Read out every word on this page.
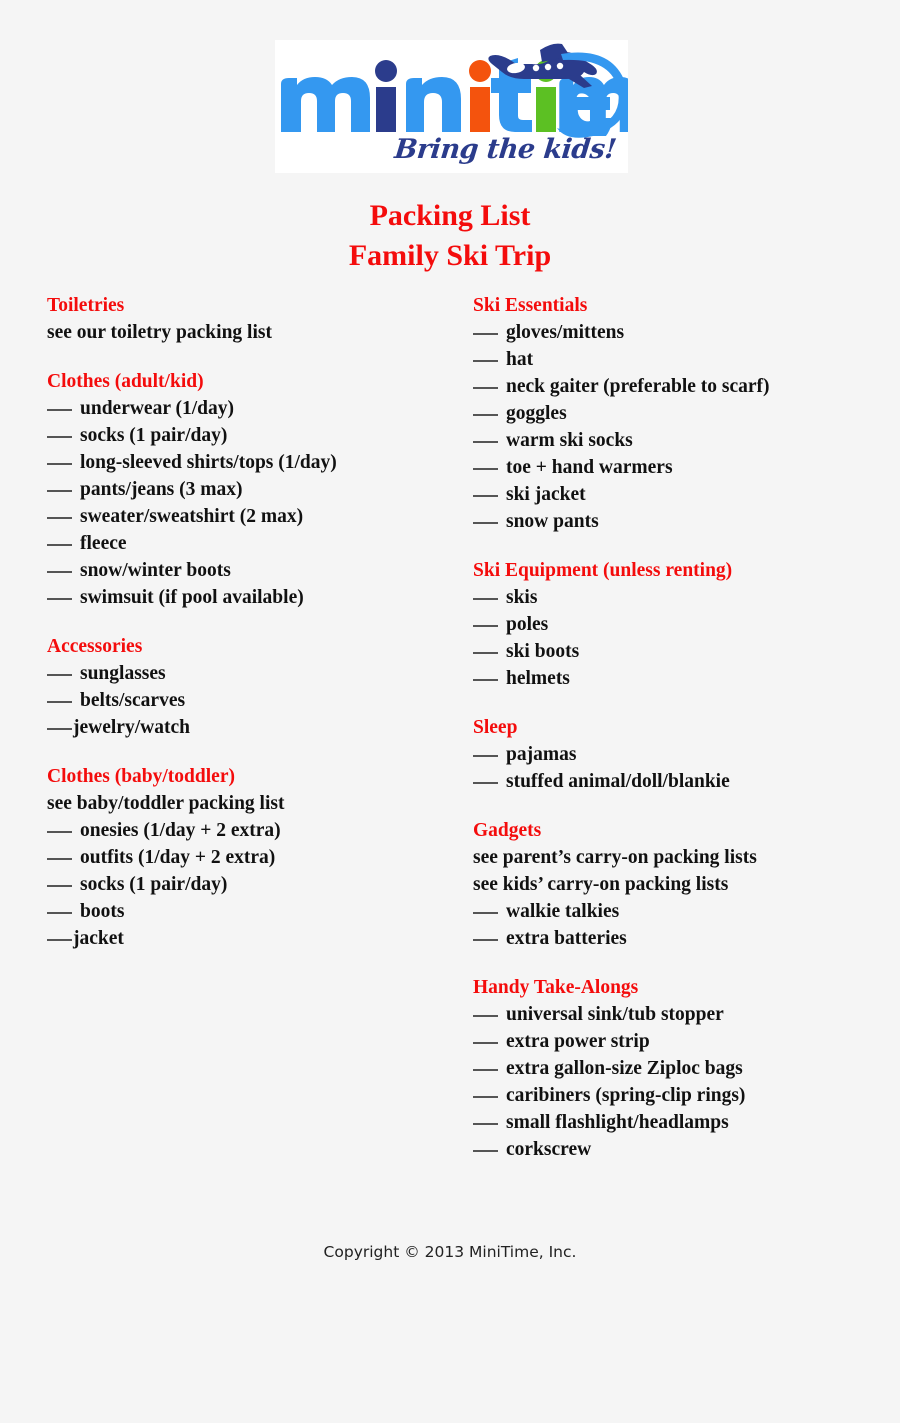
Bring the kids!
Packing List
Family Ski Trip
Toiletries
see our toiletry packing list
Clothes (adult/kid)
underwear (1/day)
socks (1 pair/day)
long-sleeved shirts/tops (1/day)
pants/jeans (3 max)
sweater/sweatshirt (2 max)
fleece
snow/winter boots
swimsuit (if pool available)
Accessories
sunglasses
belts/scarves
jewelry/watch
Clothes (baby/toddler)
see baby/toddler packing list
onesies (1/day + 2 extra)
outfits (1/day + 2 extra)
socks (1 pair/day)
boots
jacket
Ski Essentials
gloves/mittens
hat
neck gaiter (preferable to scarf)
goggles
warm ski socks
toe + hand warmers
ski jacket
snow pants
Ski Equipment (unless renting)
skis
poles
ski boots
helmets
Sleep
pajamas
stuffed animal/doll/blankie
Gadgets
see parent’s carry-on packing lists
see kids’ carry-on packing lists
walkie talkies
extra batteries
Handy Take-Alongs
universal sink/tub stopper
extra power strip
extra gallon-size Ziploc bags
caribiners (spring-clip rings)
small flashlight/headlamps
corkscrew
Copyright © 2013 MiniTime, Inc.
